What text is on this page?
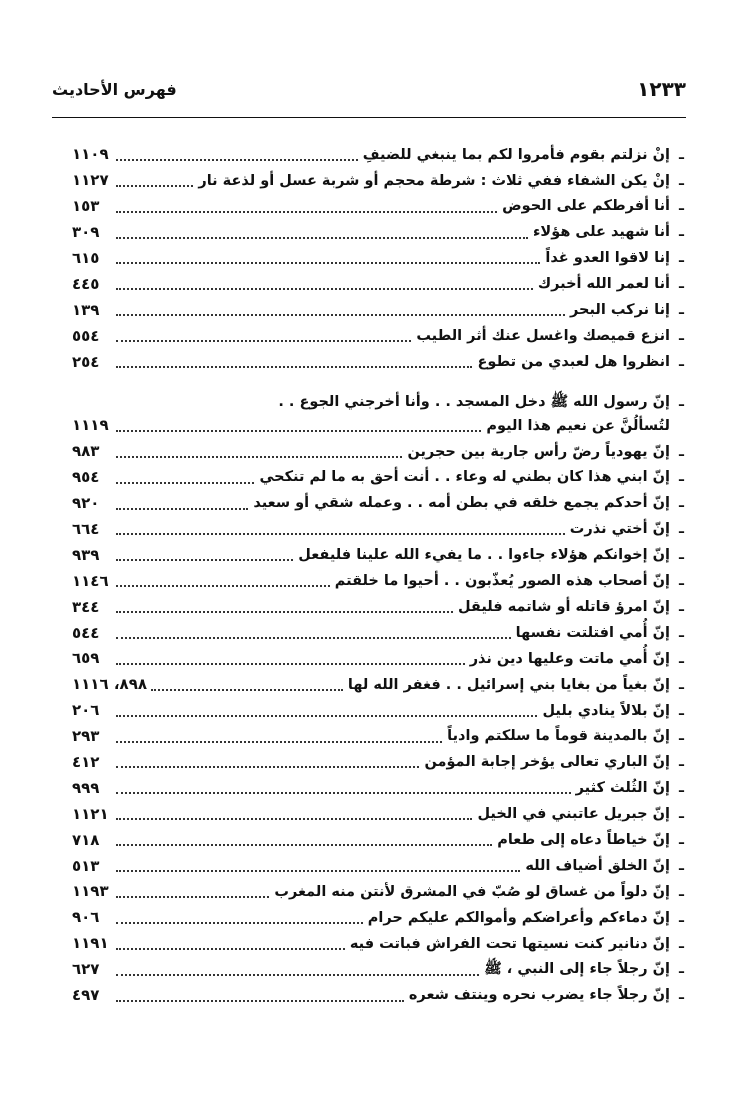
١٢٣٣
فهرس الأحاديث
ـ
إنْ نزلتم بقوم فأمروا لكم بما ينبغي للضيفِ
١١٠٩
ـ
إنْ يكن الشفاء ففي ثلاث : شرطة محجم أو شربة عسل أو لذعة نار
١١٢٧
ـ
أنا أفرطكم على الحوض
١٥٣
ـ
أنا شهيد على هؤلاء
٣٠٩
ـ
إنا لاقوا العدو غداً
٦١٥
ـ
أنا لعمر الله أخبرك
٤٤٥
ـ
إنا نركب البحر
١٣٩
ـ
انزع قميصك واغسل عنك أثر الطيب
٥٥٤
ـ
انظروا هل لعبدي من تطوع
٢٥٤
ـ
إنّ رسول الله ﷺ دخل المسجد . . وأنا أخرجني الجوع . .
لتُسألُنَّ عن نعيم هذا اليوم
١١١٩
ـ
إنّ يهودياً رضّ رأس جارية بين حجرين
٩٨٣
ـ
إنّ ابني هذا كان بطني له وعاء . . أنت أحق به ما لم تنكحي
٩٥٤
ـ
إنّ أحدكم يجمع خلقه في بطن أمه . . وعمله شقي أو سعيد
٩٢٠
ـ
إنّ أختي نذرت
٦٦٤
ـ
إنّ إخوانكم هؤلاء جاءوا . . ما يفيء الله علينا فليفعل
٩٣٩
ـ
إنّ أصحاب هذه الصور يُعذّبون . . أحيوا ما خلقتم
١١٤٦
ـ
إنّ امرؤ قاتله أو شاتمه فليقل
٣٤٤
ـ
إنّ أُمي افتلتت نفسها
٥٤٤
ـ
إنّ أُمي ماتت وعليها دين نذر
٦٥٩
ـ
إنّ بغياً من بغايا بني إسرائيل . . فغفر الله لها
٨٩٨، ١١١٦
ـ
إنّ بلالاً ينادي بليل
٢٠٦
ـ
إنّ بالمدينة قوماً ما سلكتم وادياً
٢٩٣
ـ
إنّ الباري تعالى يؤخر إجابة المؤمن
٤١٢
ـ
إنّ الثُلث كثير
٩٩٩
ـ
إنّ جبريل عاتبني في الخيل
١١٢١
ـ
إنّ خياطاً دعاه إلى طعام
٧١٨
ـ
إنّ الخلق أضياف الله
٥١٣
ـ
إنّ دلواً من غساق لو صُبّ في المشرق لأنتن منه المغرب
١١٩٣
ـ
إنّ دماءكم وأعراضكم وأموالكم عليكم حرام
٩٠٦
ـ
إنّ دنانير كنت نسيتها تحت الفراش فباتت فيه
١١٩١
ـ
إنّ رجلاً جاء إلى النبي ، ﷺ
٦٢٧
ـ
إنّ رجلاً جاء يضرب نحره وينتف شعره
٤٩٧
